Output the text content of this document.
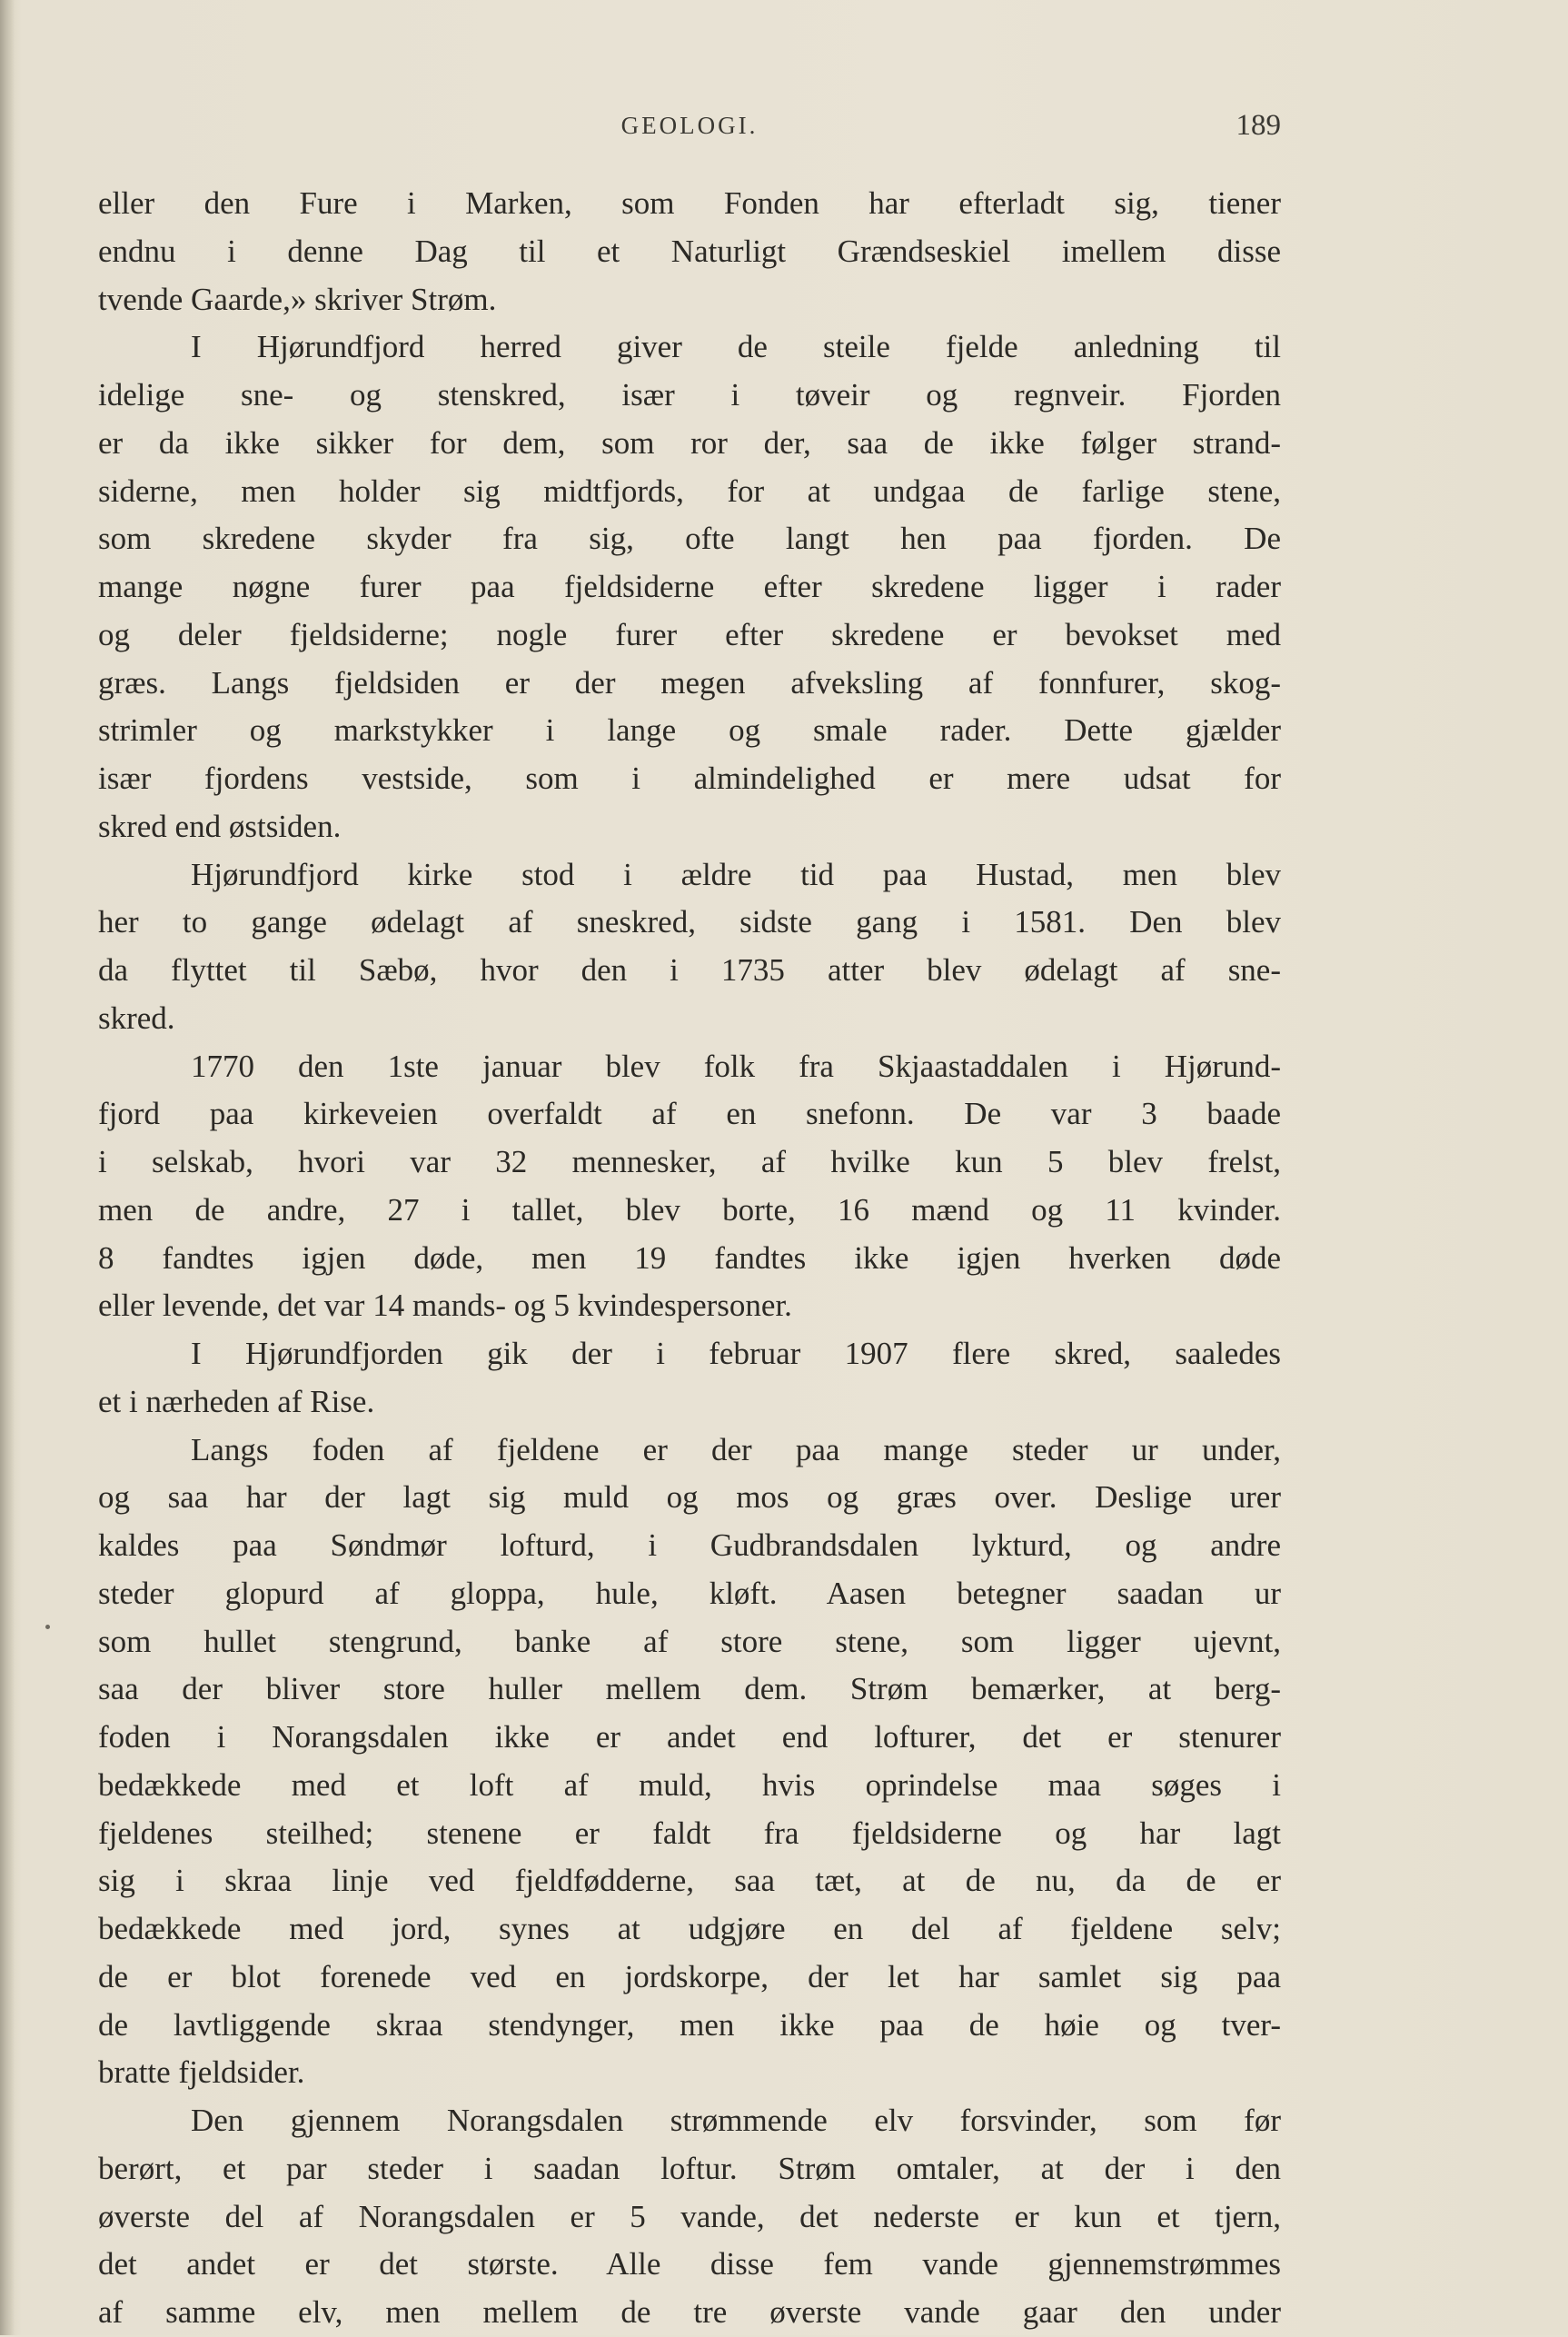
GEOLOGI.	189
eller den Fure i Marken, som Fonden har efterladt sig, tiener
endnu i denne Dag til et Naturligt Grændseskiel imellem disse
tvende Gaarde,» skriver Strøm.
I Hjørundfjord herred giver de steile fjelde anledning til
idelige sne- og stenskred, især i tøveir og regnveir. Fjorden
er da ikke sikker for dem, som ror der, saa de ikke følger strand-
siderne, men holder sig midtfjords, for at undgaa de farlige stene,
som skredene skyder fra sig, ofte langt hen paa fjorden. De
mange nøgne furer paa fjeldsiderne efter skredene ligger i rader
og deler fjeldsiderne; nogle furer efter skredene er bevokset med
græs. Langs fjeldsiden er der megen afveksling af fonnfurer, skog-
strimler og markstykker i lange og smale rader. Dette gjælder
især fjordens vestside, som i almindelighed er mere udsat for
skred end østsiden.
Hjørundfjord kirke stod i ældre tid paa Hustad, men blev
her to gange ødelagt af sneskred, sidste gang i 1581. Den blev
da flyttet til Sæbø, hvor den i 1735 atter blev ødelagt af sne-
skred.
1770 den 1ste januar blev folk fra Skjaastaddalen i Hjørund-
fjord paa kirkeveien overfaldt af en snefonn. De var 3 baade
i selskab, hvori var 32 mennesker, af hvilke kun 5 blev frelst,
men de andre, 27 i tallet, blev borte, 16 mænd og 11 kvinder.
8 fandtes igjen døde, men 19 fandtes ikke igjen hverken døde
eller levende, det var 14 mands- og 5 kvindespersoner.
I Hjørundfjorden gik der i februar 1907 flere skred, saaledes
et i nærheden af Rise.
Langs foden af fjeldene er der paa mange steder ur under,
og saa har der lagt sig muld og mos og græs over. Deslige urer
kaldes paa Søndmør lofturd, i Gudbrandsdalen lykturd, og andre
steder glopurd af gloppa, hule, kløft. Aasen betegner saadan ur
som hullet stengrund, banke af store stene, som ligger ujevnt,
saa der bliver store huller mellem dem. Strøm bemærker, at berg-
foden i Norangsdalen ikke er andet end lofturer, det er stenurer
bedækkede med et loft af muld, hvis oprindelse maa søges i
fjeldenes steilhed; stenene er faldt fra fjeldsiderne og har lagt
sig i skraa linje ved fjeldfødderne, saa tæt, at de nu, da de er
bedækkede med jord, synes at udgjøre en del af fjeldene selv;
de er blot forenede ved en jordskorpe, der let har samlet sig paa
de lavtliggende skraa stendynger, men ikke paa de høie og tver-
bratte fjeldsider.
Den gjennem Norangsdalen strømmende elv forsvinder, som før
berørt, et par steder i saadan loftur. Strøm omtaler, at der i den
øverste del af Norangsdalen er 5 vande, det nederste er kun et tjern,
det andet er det største. Alle disse fem vande gjennemstrømmes
af samme elv, men mellem de tre øverste vande gaar den under
